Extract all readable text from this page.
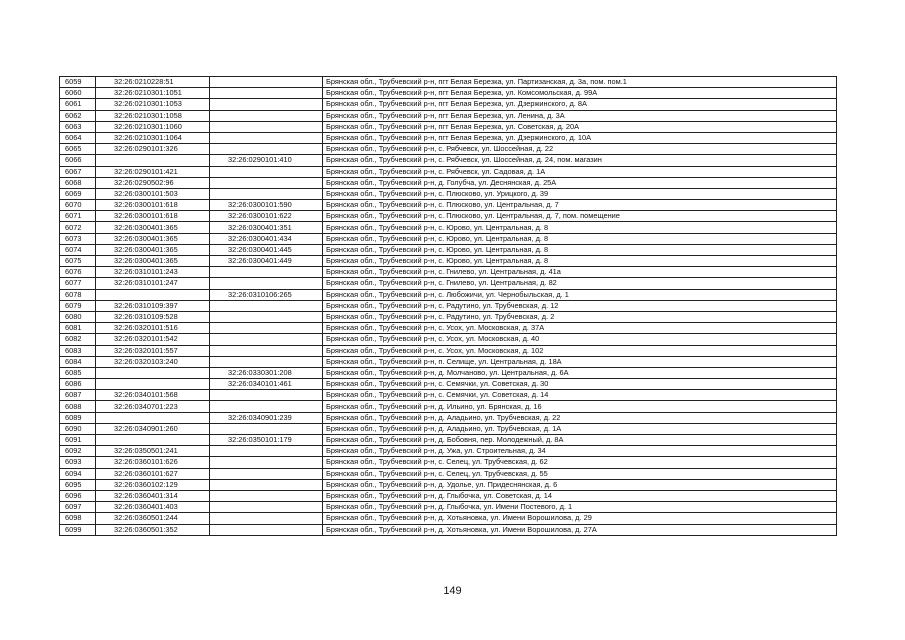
6059	32:26:0210228:51		Брянская обл., Трубчевский р-н, пгт Белая Березка, ул. Партизанская, д. 3а, пом. пом.1
6060	32:26:0210301:1051		Брянская обл., Трубчевский р-н, пгт Белая Березка, ул. Комсомольская, д. 99А
6061	32:26:0210301:1053		Брянская обл., Трубчевский р-н, пгт Белая Березка, ул. Дзержинского, д. 8А
6062	32:26:0210301:1058		Брянская обл., Трубчевский р-н, пгт Белая Березка, ул. Ленина, д. 3А
6063	32:26:0210301:1060		Брянская обл., Трубчевский р-н, пгт Белая Березка, ул. Советская, д. 20А
6064	32:26:0210301:1064		Брянская обл., Трубчевский р-н, пгт Белая Березка, ул. Дзержинского, д. 10А
6065	32:26:0290101:326		Брянская обл., Трубчевский р-н, с. Рябчевск, ул. Шоссейная, д. 22
6066		32:26:0290101:410	Брянская обл., Трубчевский р-н, с. Рябчевск, ул. Шоссейная, д. 24, пом. магазин
6067	32:26:0290101:421		Брянская обл., Трубчевский р-н, с. Рябчевск, ул. Садовая, д. 1А
6068	32:26:0290502:96		Брянская обл., Трубчевский р-н, д. Голубча, ул. Деснянская, д. 25А
6069	32:26:0300101:503		Брянская обл., Трубчевский р-н, с. Плюсково, ул. Урицкого, д. 39
6070	32:26:0300101:618	32:26:0300101:590	Брянская обл., Трубчевский р-н, с. Плюсково, ул. Центральная, д. 7
6071	32:26:0300101:618	32:26:0300101:622	Брянская обл., Трубчевский р-н, с. Плюсково, ул. Центральная, д. 7, пом. помещение
6072	32:26:0300401:365	32:26:0300401:351	Брянская обл., Трубчевский р-н, с. Юрово, ул. Центральная, д. 8
6073	32:26:0300401:365	32:26:0300401:434	Брянская обл., Трубчевский р-н, с. Юрово, ул. Центральная, д. 8
6074	32:26:0300401:365	32:26:0300401:445	Брянская обл., Трубчевский р-н, с. Юрово, ул. Центральная, д. 8
6075	32:26:0300401:365	32:26:0300401:449	Брянская обл., Трубчевский р-н, с. Юрово, ул. Центральная, д. 8
6076	32:26:0310101:243		Брянская обл., Трубчевский р-н, с. Гнилево, ул. Центральная, д. 41а
6077	32:26:0310101:247		Брянская обл., Трубчевский р-н, с. Гнилево, ул. Центральная, д. 82
6078		32:26:0310106:265	Брянская обл., Трубчевский р-н, с. Любожичи, ул. Чернобыльская, д. 1
6079	32:26:0310109:397		Брянская обл., Трубчевский р-н, с. Радутино, ул. Трубчевская, д. 12
6080	32:26:0310109:528		Брянская обл., Трубчевский р-н, с. Радутино, ул. Трубчевская, д. 2
6081	32:26:0320101:516		Брянская обл., Трубчевский р-н, с. Усох, ул. Московская, д. 37А
6082	32:26:0320101:542		Брянская обл., Трубчевский р-н, с. Усох, ул. Московская, д. 40
6083	32:26:0320101:557		Брянская обл., Трубчевский р-н, с. Усох, ул. Московская, д. 102
6084	32:26:0320103:240		Брянская обл., Трубчевский р-н, п. Селище, ул. Центральная, д. 18А
6085		32:26:0330301:208	Брянская обл., Трубчевский р-н, д. Молчаново, ул. Центральная, д. 6А
6086		32:26:0340101:461	Брянская обл., Трубчевский р-н, с. Семячки, ул. Советская, д. 30
6087	32:26:0340101:568		Брянская обл., Трубчевский р-н, с. Семячки, ул. Советская, д. 14
6088	32:26:0340701:223		Брянская обл., Трубчевский р-н, д. Ильино, ул. Брянская, д. 16
6089		32:26:0340901:239	Брянская обл., Трубчевский р-н, д. Аладьино, ул. Трубчевская, д. 22
6090	32:26:0340901:260		Брянская обл., Трубчевский р-н, д. Аладьино, ул. Трубчевская, д. 1А
6091		32:26:0350101:179	Брянская обл., Трубчевский р-н, д. Бобовня, пер. Молодежный, д. 8А
6092	32:26:0350501:241		Брянская обл., Трубчевский р-н, д. Ужа, ул. Строительная, д. 34
6093	32:26:0360101:626		Брянская обл., Трубчевский р-н, с. Селец, ул. Трубчевская, д. 62
6094	32:26:0360101:627		Брянская обл., Трубчевский р-н, с. Селец, ул. Трубчевская, д. 55
6095	32:26:0360102:129		Брянская обл., Трубчевский р-н, д. Удолье, ул. Придеснянская, д. 6
6096	32:26:0360401:314		Брянская обл., Трубчевский р-н, д. Глыбочка, ул. Советская, д. 14
6097	32:26:0360401:403		Брянская обл., Трубчевский р-н, д. Глыбочка, ул. Имени Постевого, д. 1
6098	32:26:0360501:244		Брянская обл., Трубчевский р-н, д. Хотьяновка, ул. Имени Ворошилова, д. 29
6099	32:26:0360501:352		Брянская обл., Трубчевский р-н, д. Хотьяновка, ул. Имени Ворошилова, д. 27А
149
